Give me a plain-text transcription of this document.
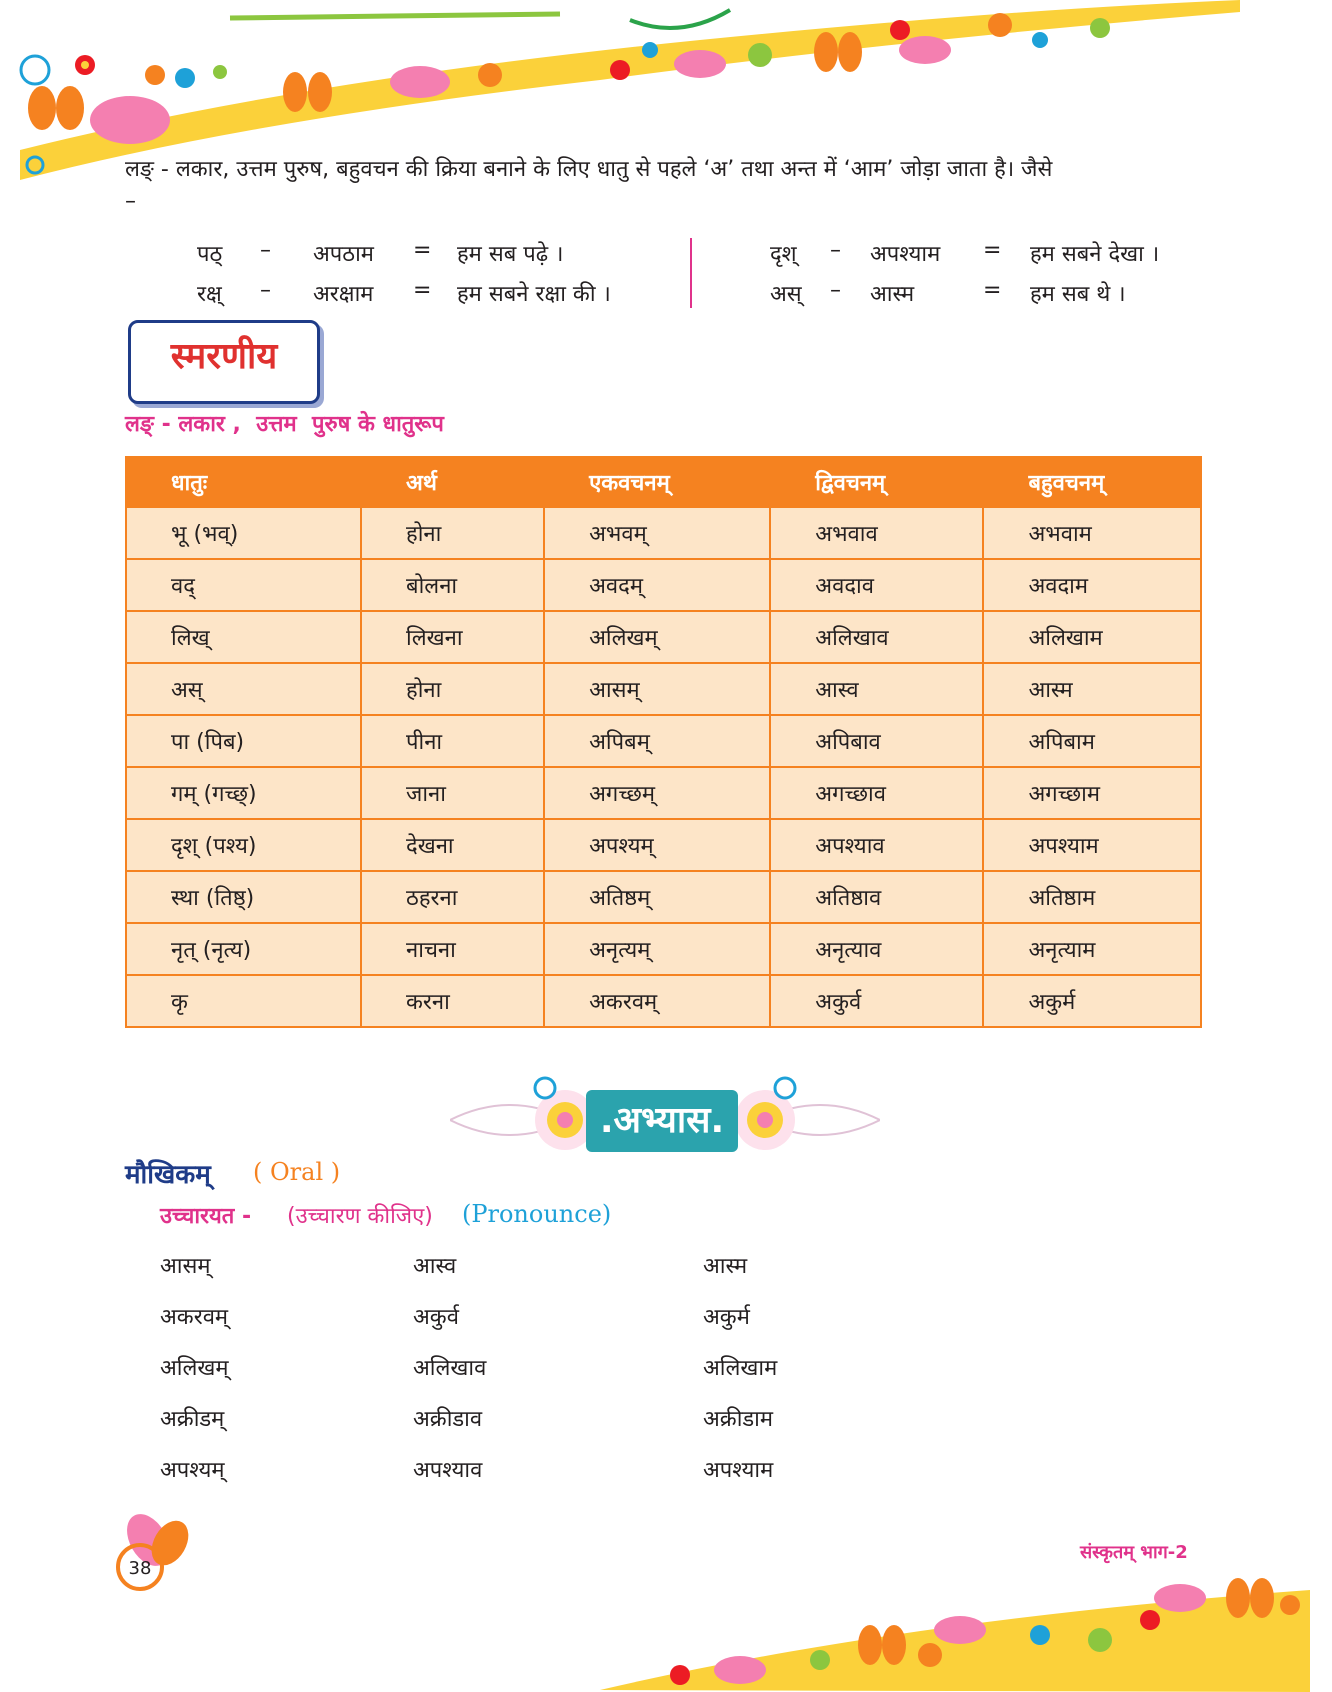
लङ् - लकार, उत्तम पुरुष, बहुवचन की क्रिया बनाने के लिए धातु से पहले ‘अ’ तथा अन्त में ‘आम’ जोड़ा जाता है। जैसे
–
पठ् – अपठाम = हम सब पढ़े ।
रक्ष् – अरक्षाम = हम सबने रक्षा की ।
दृश् – अपश्याम = हम सबने देखा ।
अस् – आस्म	= हम सब थे ।
स्मरणीय
लङ् - लकार ,  उत्तम  पुरुष के धातुरूप
धातुः	अर्थ	एकवचनम्	द्विवचनम्	बहुवचनम्
भू (भव्)	होना	अभवम्	अभवाव	अभवाम
वद्	बोलना	अवदम्	अवदाव	अवदाम
लिख्	लिखना	अलिखम्	अलिखाव	अलिखाम
अस्	होना	आसम्	आस्व	आस्म
पा (पिब)	पीना	अपिबम्	अपिबाव	अपिबाम
गम् (गच्छ्)	जाना	अगच्छम्	अगच्छाव	अगच्छाम
दृश् (पश्य)	देखना	अपश्यम्	अपश्याव	अपश्याम
स्था (तिष्ठ्)	ठहरना	अतिष्ठम्	अतिष्ठाव	अतिष्ठाम
नृत् (नृत्य)	नाचना	अनृत्यम्	अनृत्याव	अनृत्याम
कृ	करना	अकरवम्	अकुर्व	अकुर्म
.अभ्यास.
मौखिकम् ( Oral )
उच्चारयत - (उच्चारण कीजिए) (Pronounce)
आसम्	आस्व	आस्म
अकरवम्	अकुर्व	अकुर्म
अलिखम्	अलिखाव	अलिखाम
अक्रीडम्	अक्रीडाव	अक्रीडाम
अपश्यम्	अपश्याव	अपश्याम
38
संस्कृतम् भाग-2
